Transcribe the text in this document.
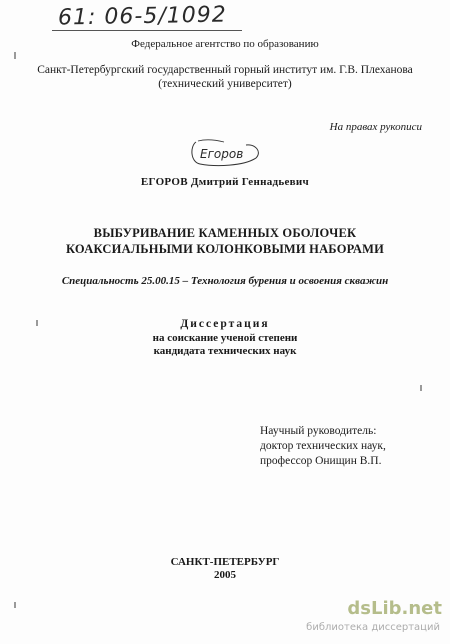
61: 06-5/1092
Федеральное агентство по образованию
Санкт-Петербургский государственный горный институт им. Г.В. Плеханова
(технический университет)
На правах рукописи
Егоров
ЕГОРОВ Дмитрий Геннадьевич
ВЫБУРИВАНИЕ КАМЕННЫХ ОБОЛОЧЕК
КОАКСИАЛЬНЫМИ КОЛОНКОВЫМИ НАБОРАМИ
Специальность 25.00.15 – Технология бурения и освоения скважин
Диссертация
на соискание ученой степени
кандидата технических наук
Научный руководитель:
доктор технических наук,
профессор Онищин В.П.
САНКТ-ПЕТЕРБУРГ
2005
dsLib.net
библиотека диссертаций
